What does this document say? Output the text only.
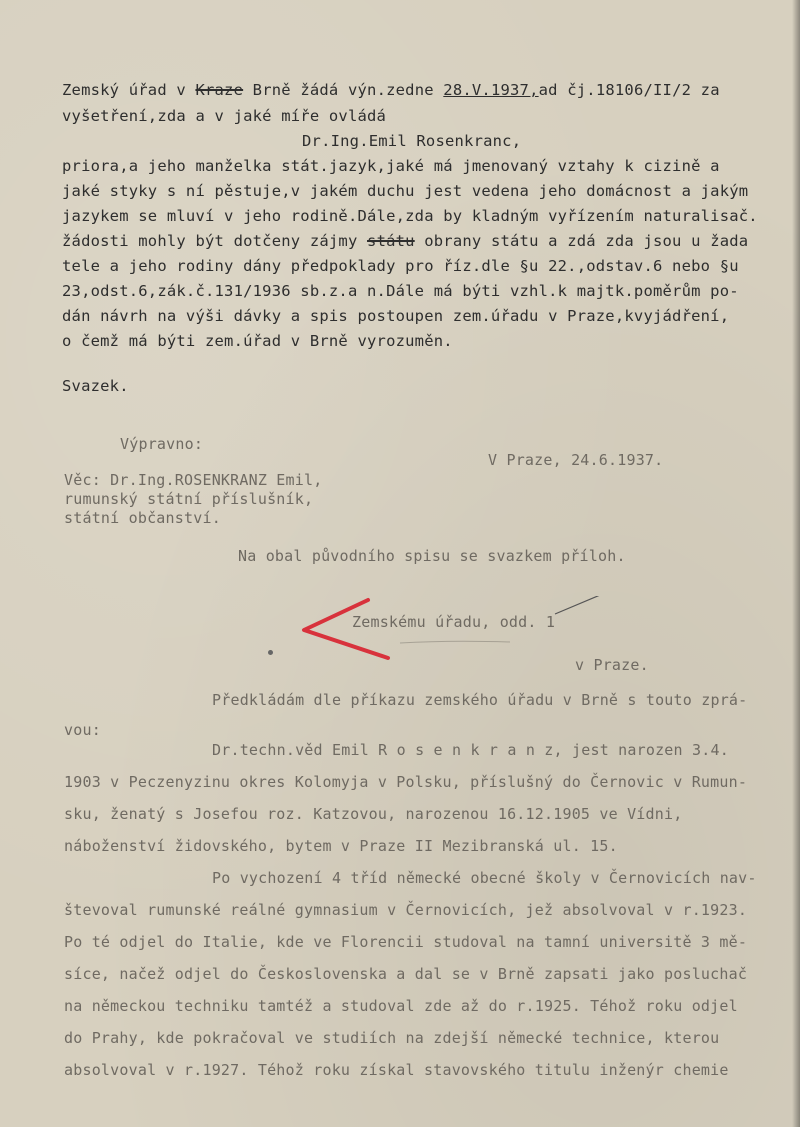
Zemský úřad v Kraze Brně žádá výn.zedne 28.V.1937,ad čj.18106/II/2 za
vyšetření,zda a v jaké míře ovládá
Dr.Ing.Emil Rosenkranc,
priora,a jeho manželka stát.jazyk,jaké má jmenovaný vztahy k cizině a
jaké styky s ní pěstuje,v jakém duchu jest vedena jeho domácnost a jakým
jazykem se mluví v jeho rodině.Dále,zda by kladným vyřízením naturalisač.
žádosti mohly být dotčeny zájmy státu obrany státu a zdá zda jsou u žada
tele a jeho rodiny dány předpoklady pro říz.dle §u 22.,odstav.6 nebo §u
23,odst.6,zák.č.131/1936 sb.z.a n.Dále má býti vzhl.k majtk.poměrům po-
dán návrh na výši dávky a spis postoupen zem.úřadu v Praze,kvyjádření,
o čemž má býti zem.úřad v Brně vyrozuměn.
Svazek.
Výpravno:
V Praze, 24.6.1937.
Věc: Dr.Ing.ROSENKRANZ Emil,
rumunský státní příslušník,
státní občanství.
Na obal původního spisu se svazkem příloh.
Zemskému úřadu, odd. 1
v Praze.
Předkládám dle příkazu zemského úřadu v Brně s touto zprá-
vou:
Dr.techn.věd Emil R o s e n k r a n z, jest narozen 3.4.
1903 v Peczenyzinu okres Kolomyja v Polsku, příslušný do Černovic v Rumun-
sku, ženatý s Josefou roz. Katzovou, narozenou 16.12.1905 ve Vídni,
náboženství židovského, bytem v Praze II Mezibranská ul. 15.
Po vychození 4 tříd německé obecné školy v Černovicích nav-
števoval rumunské reálné gymnasium v Černovicích, jež absolvoval v r.1923.
Po té odjel do Italie, kde ve Florencii studoval na tamní universitě 3 mě-
síce, načež odjel do Československa a dal se v Brně zapsati jako posluchač
na německou techniku tamtéž a studoval zde až do r.1925. Téhož roku odjel
do Prahy, kde pokračoval ve studiích na zdejší německé technice, kterou
absolvoval v r.1927. Téhož roku získal stavovského titulu inženýr chemie
